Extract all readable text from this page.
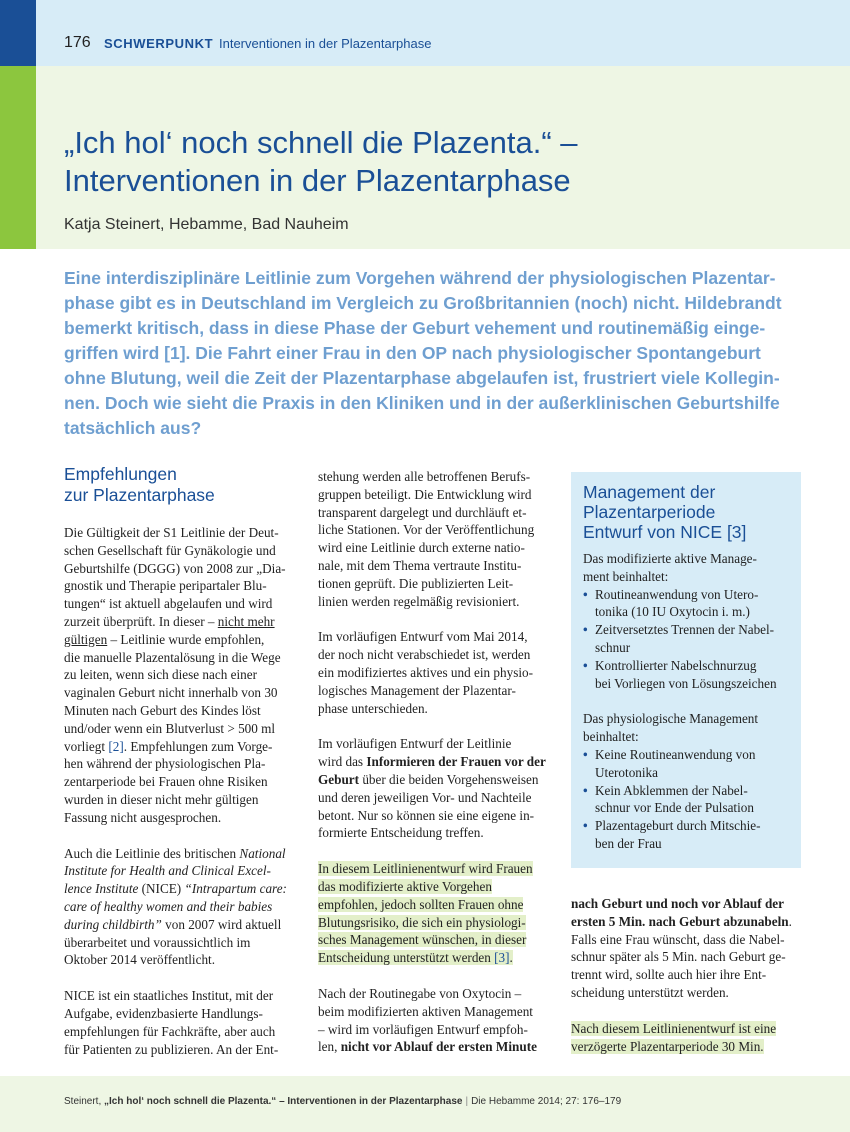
176 SCHWERPUNKT Interventionen in der Plazentarphase
„Ich hol‘ noch schnell die Plazenta.“ –
Interventionen in der Plazentarphase
Katja Steinert, Hebamme, Bad Nauheim

Eine interdisziplinäre Leitlinie zum Vorgehen während der physiologischen Plazentar-
phase gibt es in Deutschland im Vergleich zu Großbritannien (noch) nicht. Hildebrandt
bemerkt kritisch, dass in diese Phase der Geburt vehement und routinemäßig einge-
griffen wird [1]. Die Fahrt einer Frau in den OP nach physiologischer Spontangeburt
ohne Blutung, weil die Zeit der Plazentarphase abgelaufen ist, frustriert viele Kollegin-
nen. Doch wie sieht die Praxis in den Kliniken und in der außerklinischen Geburtshilfe
tatsächlich aus?

Empfehlungen
zur Plazentarphase

Die Gültigkeit der S1 Leitlinie der Deut-
schen Gesellschaft für Gynäkologie und
Geburtshilfe (DGGG) von 2008 zur „Dia-
gnostik und Therapie peripartaler Blu-
tungen“ ist aktuell abgelaufen und wird
zurzeit überprüft. In dieser – nicht mehr
gültigen – Leitlinie wurde empfohlen,
die manuelle Plazentalösung in die Wege
zu leiten, wenn sich diese nach einer
vaginalen Geburt nicht innerhalb von 30
Minuten nach Geburt des Kindes löst
und/oder wenn ein Blutverlust > 500 ml
vorliegt [2]. Empfehlungen zum Vorge-
hen während der physiologischen Pla-
zentarperiode bei Frauen ohne Risiken
wurden in dieser nicht mehr gültigen
Fassung nicht ausgesprochen.

Auch die Leitlinie des britischen National
Institute for Health and Clinical Excel-
lence Institute (NICE) “Intrapartum care:
care of healthy women and their babies
during childbirth” von 2007 wird aktuell
überarbeitet und voraussichtlich im
Oktober 2014 veröffentlicht.

NICE ist ein staatliches Institut, mit der
Aufgabe, evidenzbasierte Handlungs-
empfehlungen für Fachkräfte, aber auch
für Patienten zu publizieren. An der Ent-

stehung werden alle betroffenen Berufs-
gruppen beteiligt. Die Entwicklung wird
transparent dargelegt und durchläuft et-
liche Stationen. Vor der Veröffentlichung
wird eine Leitlinie durch externe natio-
nale, mit dem Thema vertraute Institu-
tionen geprüft. Die publizierten Leit-
linien werden regelmäßig revisioniert.

Im vorläufigen Entwurf vom Mai 2014,
der noch nicht verabschiedet ist, werden
ein modifiziertes aktives und ein physio-
logisches Management der Plazentar-
phase unterschieden.

Im vorläufigen Entwurf der Leitlinie
wird das Informieren der Frauen vor der
Geburt über die beiden Vorgehensweisen
und deren jeweiligen Vor- und Nachteile
betont. Nur so können sie eine eigene in-
formierte Entscheidung treffen.

In diesem Leitlinienentwurf wird Frauen
das modifizierte aktive Vorgehen
empfohlen, jedoch sollten Frauen ohne
Blutungsrisiko, die sich ein physiologi-
sches Management wünschen, in dieser
Entscheidung unterstützt werden [3].

Nach der Routinegabe von Oxytocin –
beim modifizierten aktiven Management
– wird im vorläufigen Entwurf empfoh-
len, nicht vor Ablauf der ersten Minute

Management der
Plazentarperiode
Entwurf von NICE [3]

Das modifizierte aktive Manage-
ment beinhaltet:

• Routineanwendung von Utero-
tonika (10 IU Oxytocin i. m.)
• Zeitversetztes Trennen der Nabel-
schnur
• Kontrollierter Nabelschnurzug
bei Vorliegen von Lösungszeichen

Das physiologische Management
beinhaltet:

• Keine Routineanwendung von
Uterotonika
• Kein Abklemmen der Nabel-
schnur vor Ende der Pulsation
• Plazentageburt durch Mitschie-
ben der Frau

nach Geburt und noch vor Ablauf der
ersten 5 Min. nach Geburt abzunabeln.
Falls eine Frau wünscht, dass die Nabel-
schnur später als 5 Min. nach Geburt ge-
trennt wird, sollte auch hier ihre Ent-
scheidung unterstützt werden.

Nach diesem Leitlinienentwurf ist eine
verzögerte Plazentarperiode 30 Min.

Steinert, „Ich hol‘ noch schnell die Plazenta.“ – Interventionen in der Plazentarphase | Die Hebamme 2014; 27: 176–179
